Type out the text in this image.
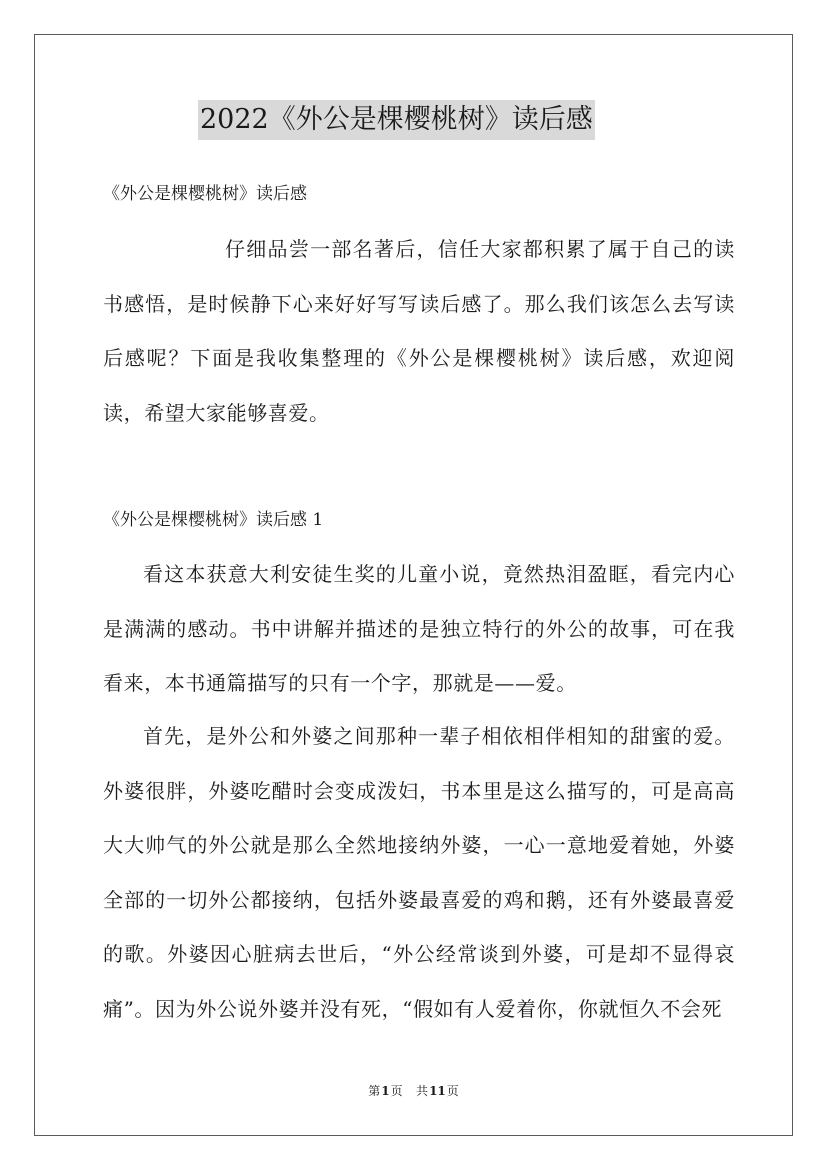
2022《外公是棵樱桃树》读后感
《外公是棵樱桃树》读后感

仔细品尝一部名著后，信任大家都积累了属于自己的读书感悟，是时候静下心来好好写写读后感了。那么我们该怎么去写读后感呢？下面是我收集整理的《外公是棵樱桃树》读后感，欢迎阅读，希望大家能够喜爱。

《外公是棵樱桃树》读后感 1

看这本获意大利安徒生奖的儿童小说，竟然热泪盈眶，看完内心是满满的感动。书中讲解并描述的是独立特行的外公的故事，可在我看来，本书通篇描写的只有一个字，那就是——爱。

首先，是外公和外婆之间那种一辈子相依相伴相知的甜蜜的爱。外婆很胖，外婆吃醋时会变成泼妇，书本里是这么描写的，可是高高大大帅气的外公就是那么全然地接纳外婆，一心一意地爱着她，外婆全部的一切外公都接纳，包括外婆最喜爱的鸡和鹅，还有外婆最喜爱的歌。外婆因心脏病去世后，“外公经常谈到外婆，可是却不显得哀痛”。因为外公说外婆并没有死，“假如有人爱着你，你就恒久不会死

第1页 共11页
